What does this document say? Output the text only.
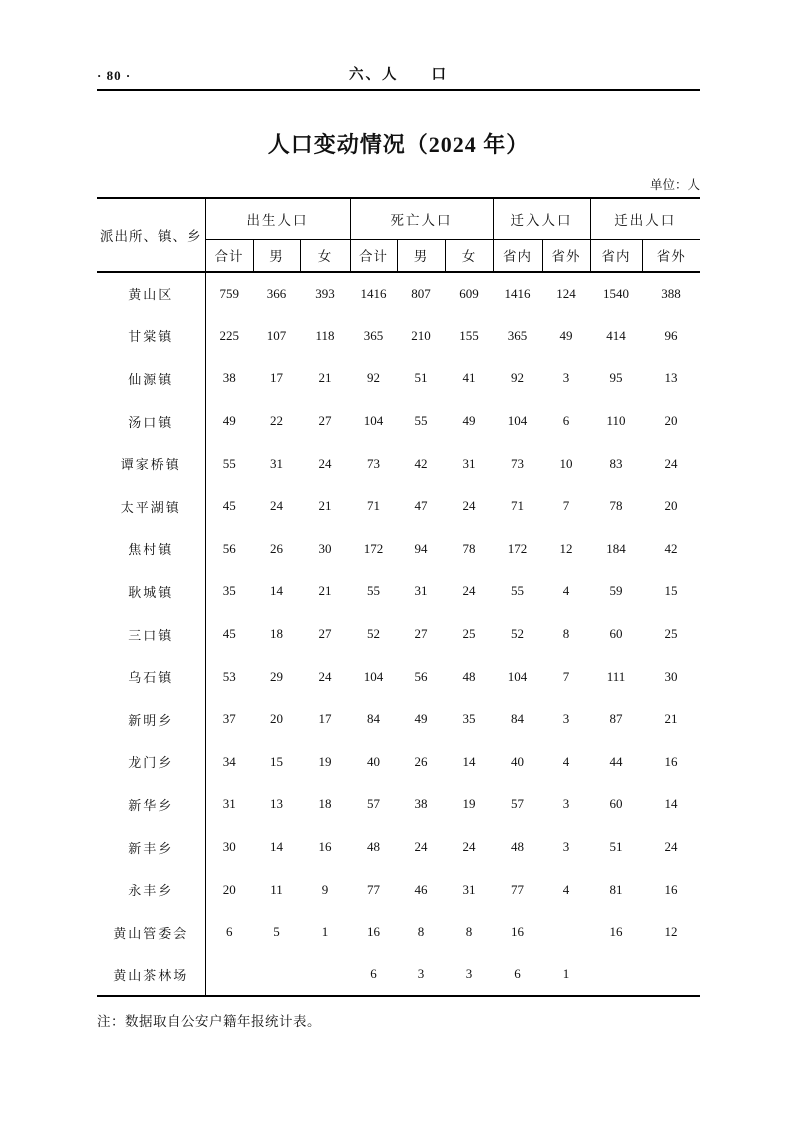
· 80 ·	六、人　　口
人口变动情况（2024 年）
单位：人
派出所、镇、乡	出生人口			死亡人口			迁入人口		迁出人口	
	合计	男	女	合计	男	女	省内	省外	省内	省外
黄山区	759	366	393	1416	807	609	1416	124	1540	388
甘棠镇	225	107	118	365	210	155	365	49	414	96
仙源镇	38	17	21	92	51	41	92	3	95	13
汤口镇	49	22	27	104	55	49	104	6	110	20
谭家桥镇	55	31	24	73	42	31	73	10	83	24
太平湖镇	45	24	21	71	47	24	71	7	78	20
焦村镇	56	26	30	172	94	78	172	12	184	42
耿城镇	35	14	21	55	31	24	55	4	59	15
三口镇	45	18	27	52	27	25	52	8	60	25
乌石镇	53	29	24	104	56	48	104	7	111	30
新明乡	37	20	17	84	49	35	84	3	87	21
龙门乡	34	15	19	40	26	14	40	4	44	16
新华乡	31	13	18	57	38	19	57	3	60	14
新丰乡	30	14	16	48	24	24	48	3	51	24
永丰乡	20	11	9	77	46	31	77	4	81	16
黄山管委会	6	5	1	16	8	8	16		16	12
黄山茶林场				6	3	3	6	1		
注：数据取自公安户籍年报统计表。
